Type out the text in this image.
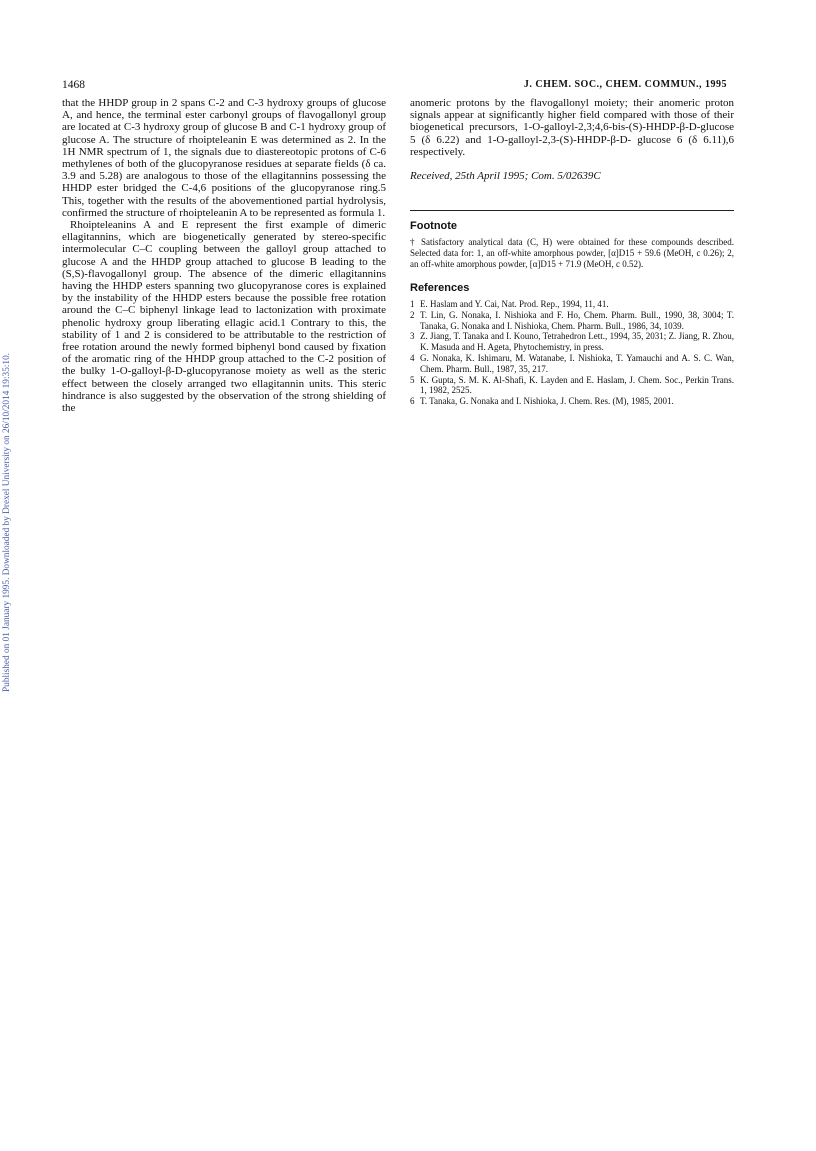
Published on 01 January 1995. Downloaded by Drexel University on 26/10/2014 19:35:10.
1468	J. CHEM. SOC., CHEM. COMMUN., 1995

that the HHDP group in 2 spans C-2 and C-3 hydroxy groups of glucose A, and hence, the terminal ester carbonyl groups of flavogallonyl group are located at C-3 hydroxy group of glucose B and C-1 hydroxy group of glucose A. The structure of rhoipteleanin E was determined as 2. In the 1H NMR spectrum of 1, the signals due to diastereotopic protons of C-6 methylenes of both of the glucopyranose residues at separate fields (δ ca. 3.9 and 5.28) are analogous to those of the ellagitannins possessing the HHDP ester bridged the C-4,6 positions of the glucopyranose ring.5 This, together with the results of the abovementioned partial hydrolysis, confirmed the structure of rhoipteleanin A to be represented as formula 1.

Rhoipteleanins A and E represent the first example of dimeric ellagitannins, which are biogenetically generated by stereo-specific intermolecular C–C coupling between the galloyl group attached to glucose A and the HHDP group attached to glucose B leading to the (S,S)-flavogallonyl group. The absence of the dimeric ellagitannins having the HHDP esters spanning two glucopyranose cores is explained by the instability of the HHDP esters because the possible free rotation around the C–C biphenyl linkage lead to lactonization with proximate phenolic hydroxy group liberating ellagic acid.1 Contrary to this, the stability of 1 and 2 is considered to be attributable to the restriction of free rotation around the newly formed biphenyl bond caused by fixation of the aromatic ring of the HHDP group attached to the C-2 position of the bulky 1-O-galloyl-β-D-glucopyranose moiety as well as the steric effect between the closely arranged two ellagitannin units. This steric hindrance is also suggested by the observation of the strong shielding of the

anomeric protons by the flavogallonyl moiety; their anomeric proton signals appear at significantly higher field compared with those of their biogenetical precursors, 1-O-galloyl-2,3;4,6-bis-(S)-HHDP-β-D-glucose 5 (δ 6.22) and 1-O-galloyl-2,3-(S)-HHDP-β-D- glucose 6 (δ 6.11),6 respectively.

Received, 25th April 1995; Com. 5/02639C

Footnote
† Satisfactory analytical data (C, H) were obtained for these compounds described. Selected data for: 1, an off-white amorphous powder, [α]D15 + 59.6 (MeOH, c 0.26); 2, an off-white amorphous powder, [α]D15 + 71.9 (MeOH, c 0.52).
References
1 E. Haslam and Y. Cai, Nat. Prod. Rep., 1994, 11, 41.
2 T. Lin, G. Nonaka, I. Nishioka and F. Ho, Chem. Pharm. Bull., 1990, 38, 3004; T. Tanaka, G. Nonaka and I. Nishioka, Chem. Pharm. Bull., 1986, 34, 1039.
3 Z. Jiang, T. Tanaka and I. Kouno, Tetrahedron Lett., 1994, 35, 2031; Z. Jiang, R. Zhou, K. Masuda and H. Ageta, Phytochemistry, in press.
4 G. Nonaka, K. Ishimaru, M. Watanabe, I. Nishioka, T. Yamauchi and A. S. C. Wan, Chem. Pharm. Bull., 1987, 35, 217.
5 K. Gupta, S. M. K. Al-Shafi, K. Layden and E. Haslam, J. Chem. Soc., Perkin Trans. 1, 1982, 2525.
6 T. Tanaka, G. Nonaka and I. Nishioka, J. Chem. Res. (M), 1985, 2001.
